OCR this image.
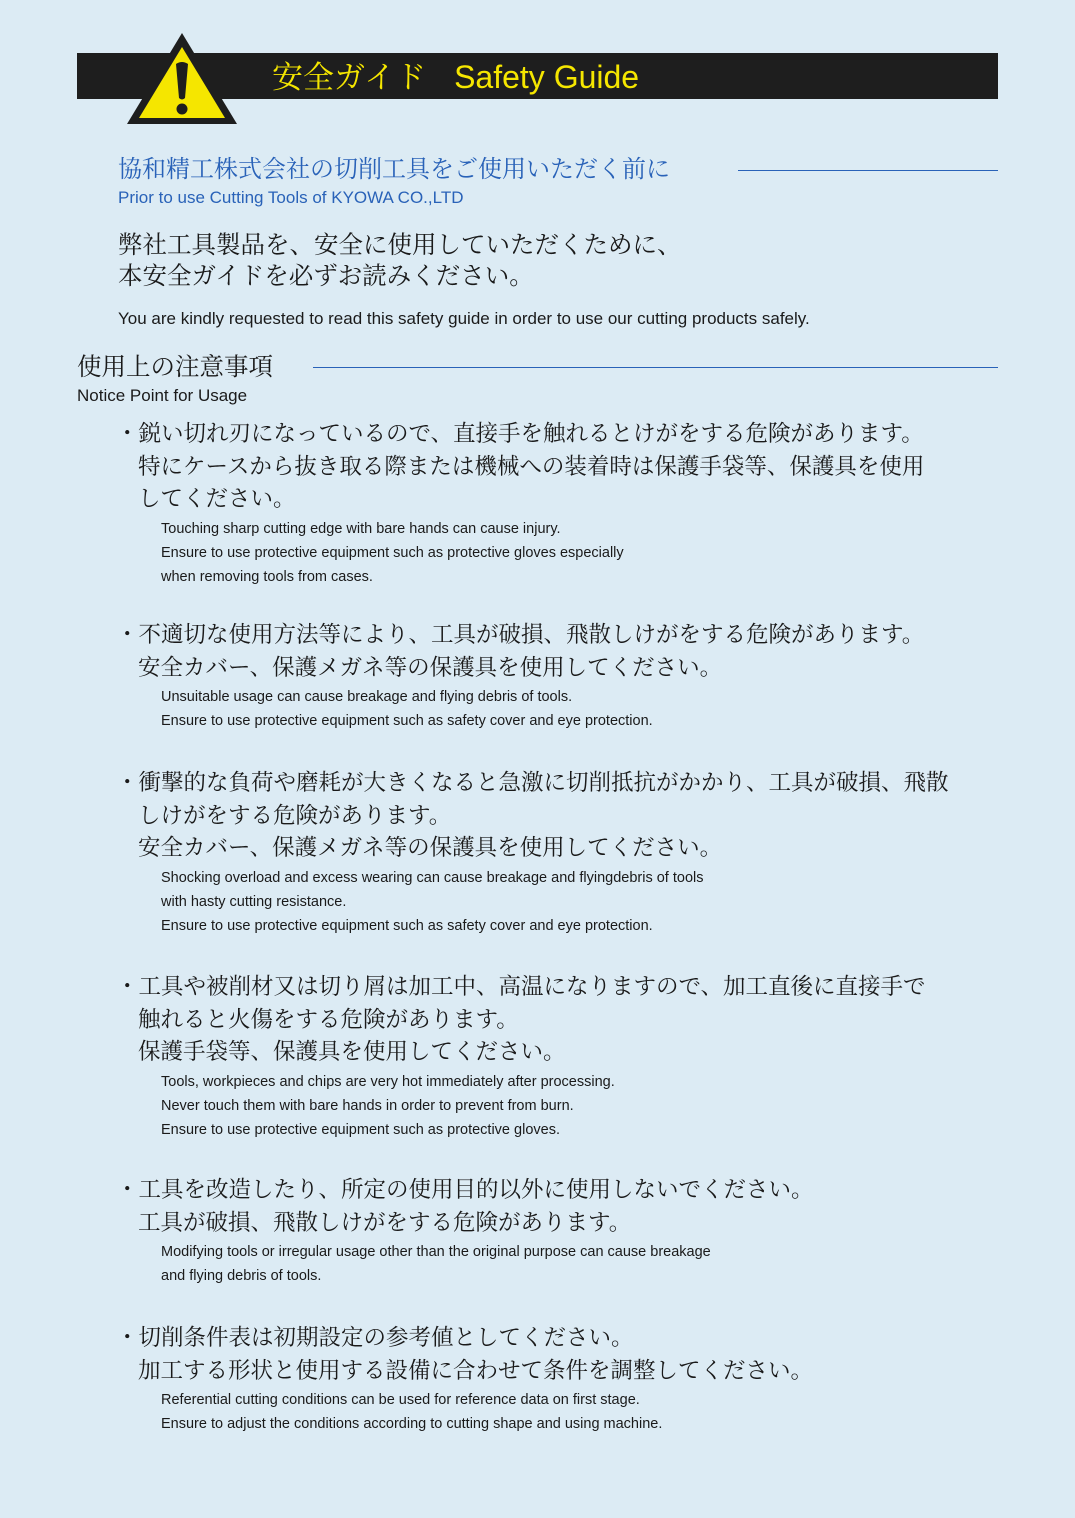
安全ガイド Safety Guide
協和精工株式会社の切削工具をご使用いただく前に
Prior to use Cutting Tools of KYOWA CO.,LTD
弊社工具製品を、安全に使用していただくために、
本安全ガイドを必ずお読みください。
You are kindly requested to read this safety guide in order to use our cutting products safely.
使用上の注意事項
Notice Point for Usage
・鋭い切れ刃になっているので、直接手を触れるとけがをする危険があります。
特にケースから抜き取る際または機械への装着時は保護手袋等、保護具を使用
してください。
Touching sharp cutting edge with bare hands can cause injury.
Ensure to use protective equipment such as protective gloves especially
when removing tools from cases.
・不適切な使用方法等により、工具が破損、飛散しけがをする危険があります。
安全カバー、保護メガネ等の保護具を使用してください。
Unsuitable usage can cause breakage and flying debris of tools.
Ensure to use protective equipment such as safety cover and eye protection.
・衝撃的な負荷や磨耗が大きくなると急激に切削抵抗がかかり、工具が破損、飛散
しけがをする危険があります。
安全カバー、保護メガネ等の保護具を使用してください。
Shocking overload and excess wearing can cause breakage and flyingdebris of tools
with hasty cutting resistance.
Ensure to use protective equipment such as safety cover and eye protection.
・工具や被削材又は切り屑は加工中、高温になりますので、加工直後に直接手で
触れると火傷をする危険があります。
保護手袋等、保護具を使用してください。
Tools, workpieces and chips are very hot immediately after processing.
Never touch them with bare hands in order to prevent from burn.
Ensure to use protective equipment such as protective gloves.
・工具を改造したり、所定の使用目的以外に使用しないでください。
工具が破損、飛散しけがをする危険があります。
Modifying tools or irregular usage other than the original purpose can cause breakage
and flying debris of tools.
・切削条件表は初期設定の参考値としてください。
加工する形状と使用する設備に合わせて条件を調整してください。
Referential cutting conditions can be used for reference data on first stage.
Ensure to adjust the conditions according to cutting shape and using machine.
